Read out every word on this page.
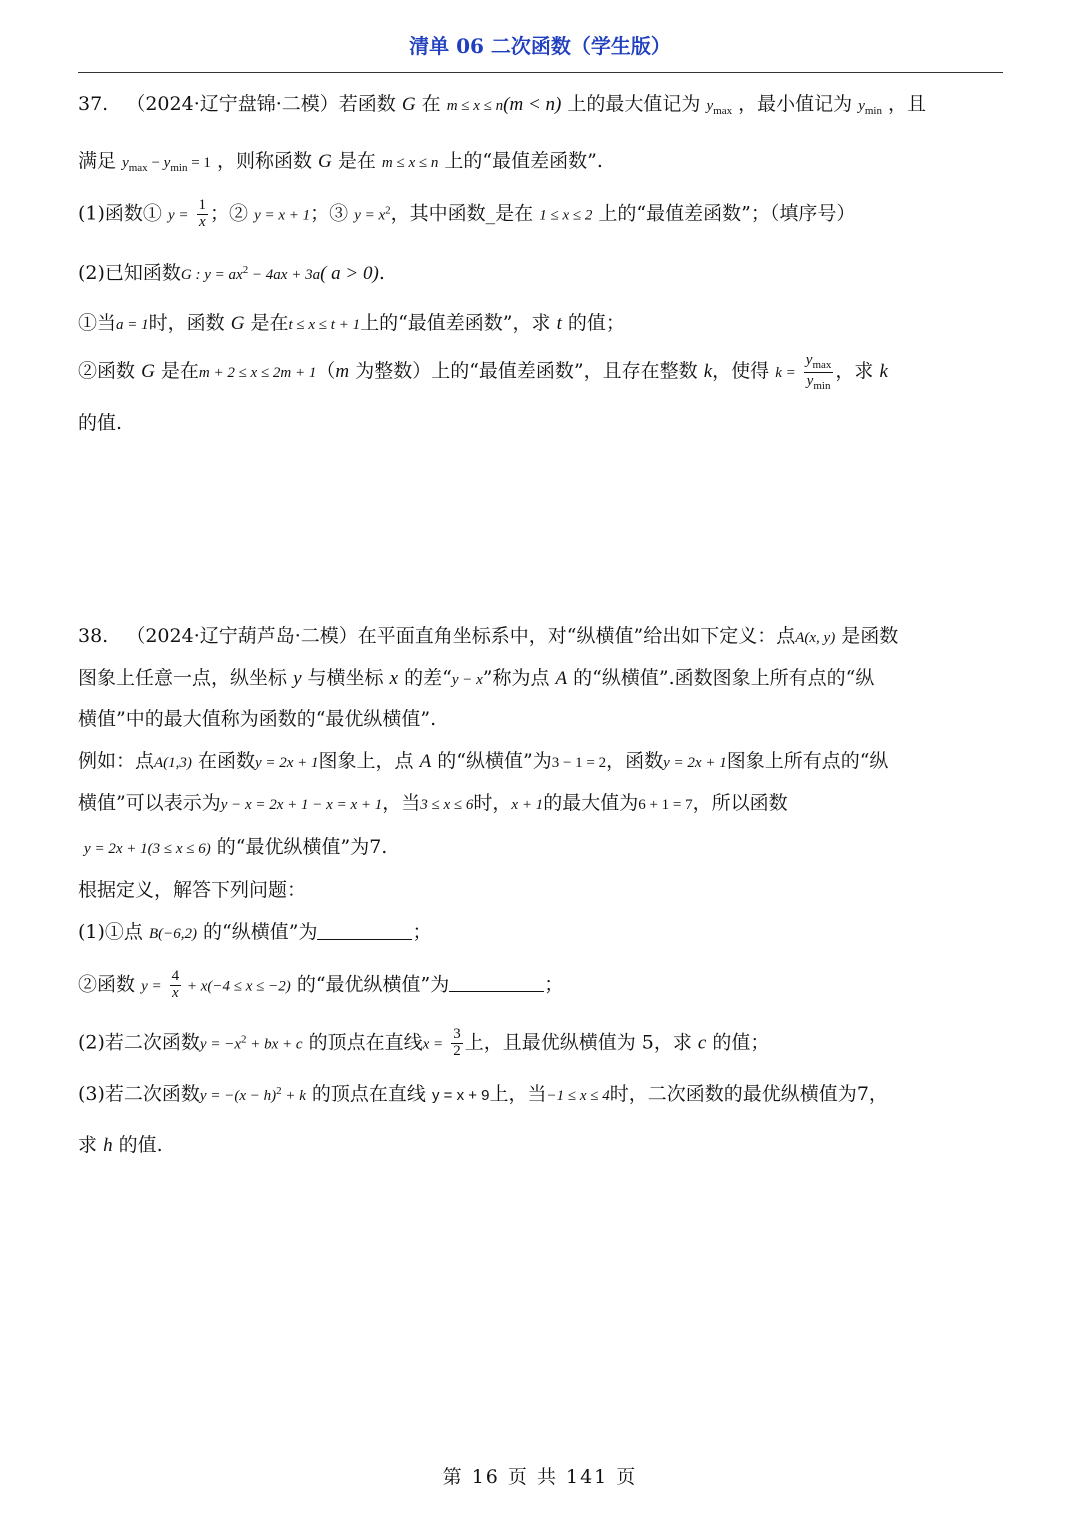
清单 06 二次函数（学生版）
37. （2024·辽宁盘锦·二模）若函数 G 在 m ≤ x ≤ n(m < n) 上的最大值记为 $y_{max}$ ，最小值记为 $y_{min}$ ，且
满足 $y_{max} - y_{min} = 1$ ，则称函数 G 是在 m ≤ x ≤ n 上的“最值差函数”.
(1)函数① $y = \frac{1}{x}$ ；② y = x + 1；③ $y = x^2$，其中函数_是在 1 ≤ x ≤ 2 上的“最值差函数”；（填序号）
(2)已知函数G : $y = ax^2 - 4ax + 3a$( a > 0).
①当a = 1时，函数 G 是在t ≤ x ≤ t + 1上的“最值差函数”，求 t 的值；
②函数 G 是在m + 2 ≤ x ≤ 2m + 1（m 为整数）上的“最值差函数”，且存在整数 k，使得 $k = \frac{y_{max}}{y_{min}}$ ，求 k
的值.
38. （2024·辽宁葫芦岛·二模）在平面直角坐标系中，对“纵横值”给出如下定义：点A(x, y) 是函数
图象上任意一点，纵坐标 y 与横坐标 x 的差“y − x”称为点 A 的“纵横值”.函数图象上所有点的“纵
横值”中的最大值称为函数的“最优纵横值”.
例如：点A(1,3) 在函数y = 2x + 1图象上，点 A 的“纵横值”为3 − 1 = 2，函数y = 2x + 1图象上所有点的“纵
横值”可以表示为y − x = 2x + 1 − x = x + 1，当3 ≤ x ≤ 6时，x + 1的最大值为6 + 1 = 7，所以函数
y = 2x + 1(3 ≤ x ≤ 6) 的“最优纵横值”为7.
根据定义，解答下列问题：
(1)①点 B(−6,2) 的“纵横值”为	；
②函数 $y = \frac{4}{x} + x(-4 \le x \le -2)$ 的“最优纵横值”为	；
(2)若二次函数$y = -x^2$ + bx + c 的顶点在直线$x = \frac{3}{2}$ 上，且最优纵横值为 5，求 c 的值；
(3)若二次函数$y = -(x - h)^2 + k$ 的顶点在直线 y = x + 9上，当−1 ≤ x ≤ 4时，二次函数的最优纵横值为7，
求 h 的值.
第 16 页 共 141 页
